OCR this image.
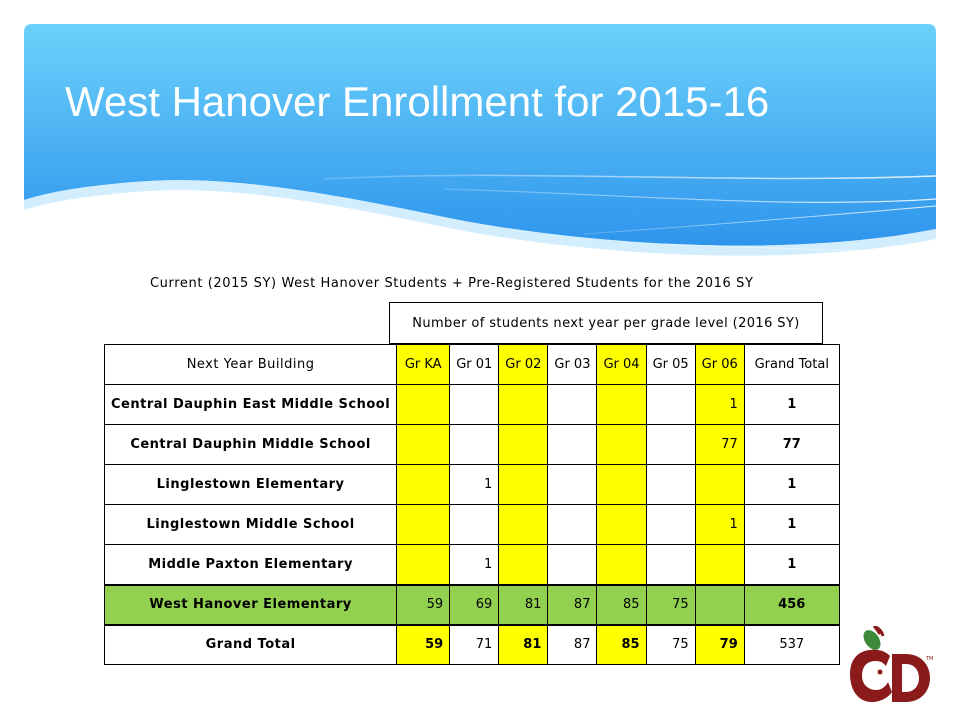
West Hanover Enrollment for 2015-16
Current (2015 SY) West Hanover Students + Pre-Registered Students for the 2016 SY
Number of students next year per grade level (2016 SY)
Next Year Building	Gr KA	Gr 01	Gr 02	Gr 03	Gr 04	Gr 05	Gr 06	Grand Total
Central Dauphin East Middle School							1	1
Central Dauphin Middle School							77	77
Linglestown Elementary		1						1
Linglestown Middle School							1	1
Middle Paxton Elementary		1						1
West Hanover Elementary	59	69	81	87	85	75		456
Grand Total	59	71	81	87	85	75	79	537
TM
